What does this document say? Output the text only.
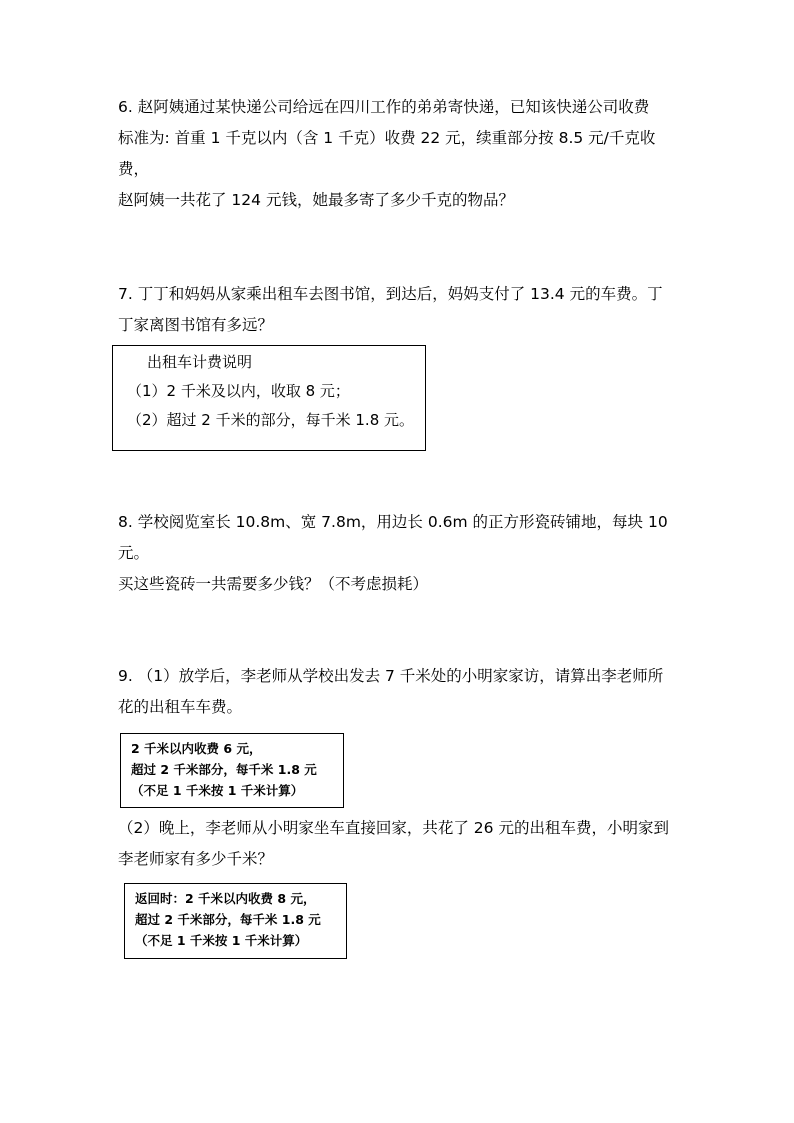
6. 赵阿姨通过某快递公司给远在四川工作的弟弟寄快递，已知该快递公司收费
标准为: 首重 1 千克以内（含 1 千克）收费 22 元，续重部分按 8.5 元/千克收费，
赵阿姨一共花了 124 元钱，她最多寄了多少千克的物品？
7. 丁丁和妈妈从家乘出租车去图书馆，到达后，妈妈支付了 13.4 元的车费。丁
丁家离图书馆有多远？
出租车计费说明
（1）2 千米及以内，收取 8 元；
（2）超过 2 千米的部分，每千米 1.8 元。
8. 学校阅览室长 10.8m、宽 7.8m，用边长 0.6m 的正方形瓷砖铺地，每块 10 元。
买这些瓷砖一共需要多少钱？（不考虑损耗）
9. （1）放学后，李老师从学校出发去 7 千米处的小明家家访，请算出李老师所
花的出租车车费。
2 千米以内收费 6 元，
超过 2 千米部分，每千米 1.8 元
（不足 1 千米按 1 千米计算）
（2）晚上，李老师从小明家坐车直接回家，共花了 26 元的出租车费，小明家到
李老师家有多少千米？
返回时：2 千米以内收费 8 元，
超过 2 千米部分，每千米 1.8 元
（不足 1 千米按 1 千米计算）
